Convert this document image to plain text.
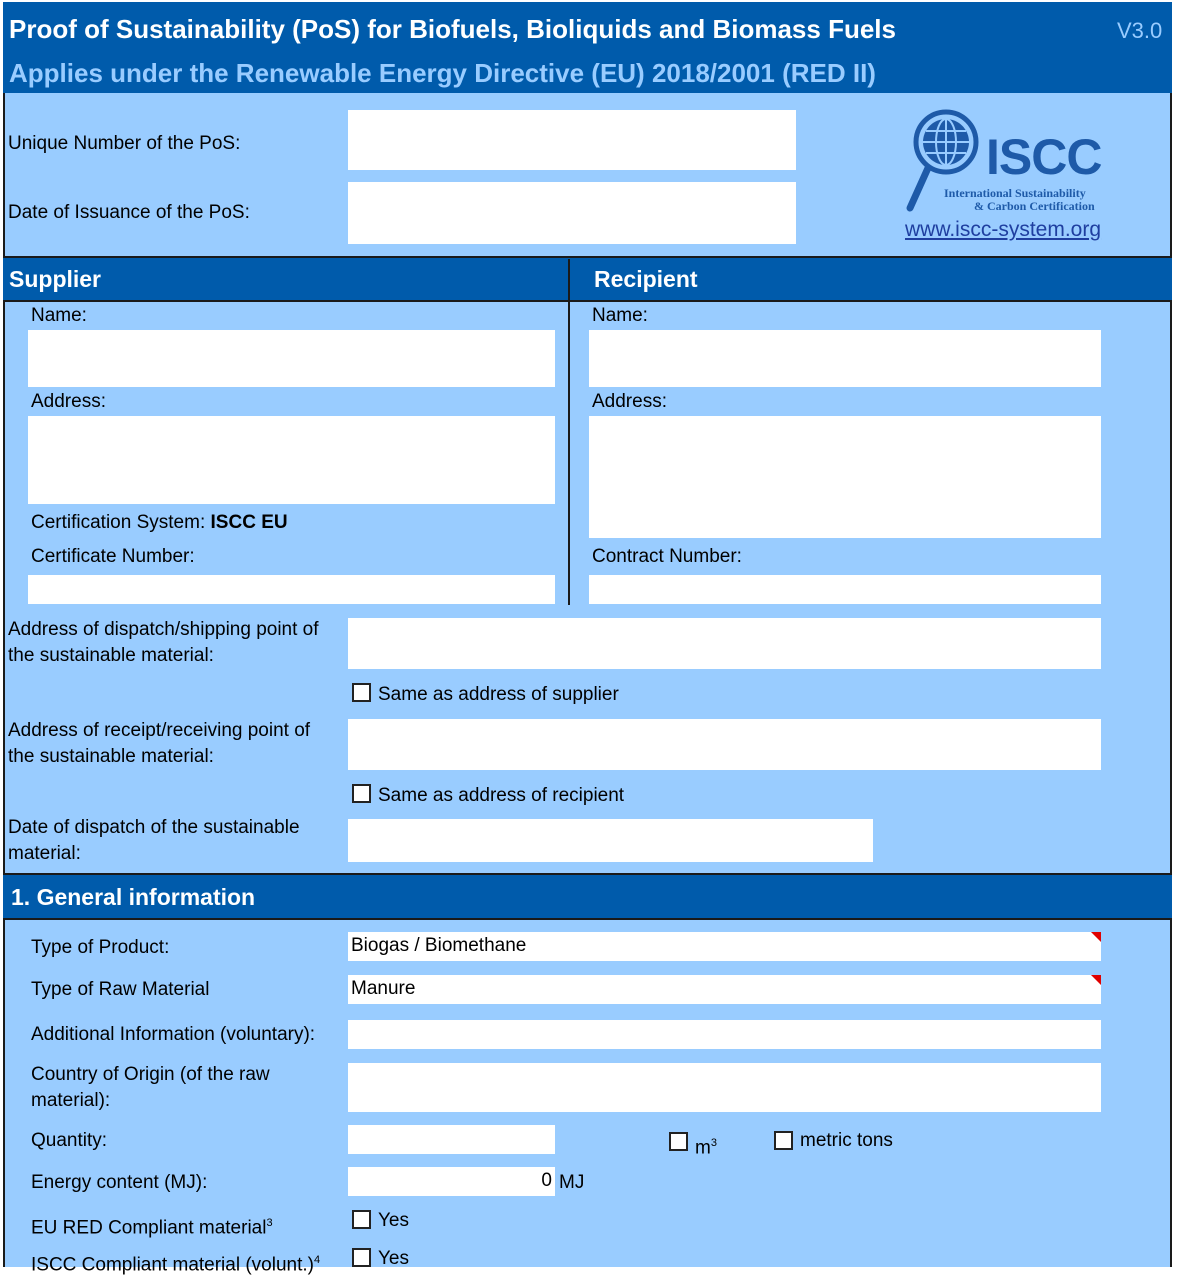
Proof of Sustainability (PoS) for Biofuels, Bioliquids and Biomass Fuels
Applies under the Renewable Energy Directive (EU) 2018/2001 (RED II)
V3.0
Unique Number of the PoS:
Date of Issuance of the PoS:
ISCC
International Sustainability
& Carbon Certification
www.iscc-system.org
Supplier	Recipient
Name:
Address:
Certification System: ISCC EU
Certificate Number:
Name:
Address:
Contract Number:
Address of dispatch/shipping point of
the sustainable material:
Same as address of supplier
Address of receipt/receiving point of
the sustainable material:
Same as address of recipient
Date of dispatch of the sustainable
material:
1. General information
Type of Product:	Biogas / Biomethane
Type of Raw Material	Manure
Additional Information (voluntary):
Country of Origin (of the raw
material):
Quantity:	$m^3$	metric tons
Energy content (MJ):	0 MJ
EU RED Compliant material$^3$	Yes
ISCC Compliant material (volunt.)$^4$	Yes
